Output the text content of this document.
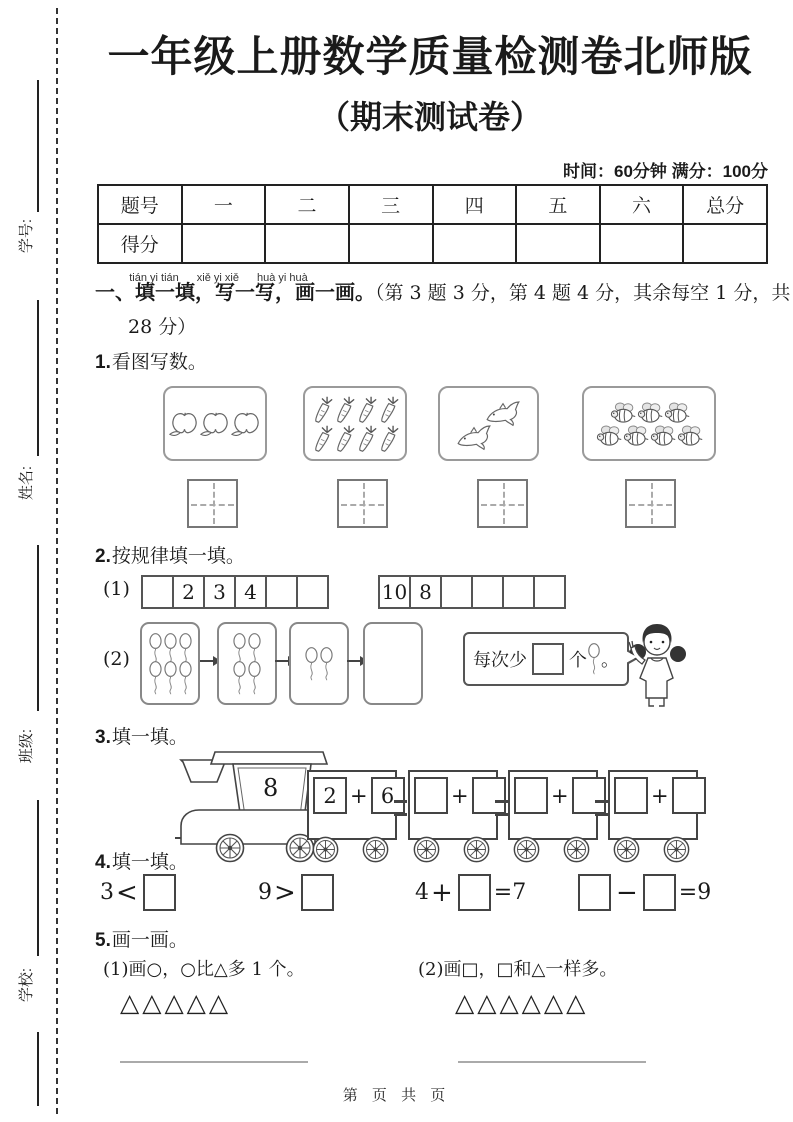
学号:
姓名:
班级:
学校:
一年级上册数学质量检测卷北师版
（期末测试卷）
时间：60分钟 满分：100分
题号	一	二	三	四	五	六	总分
得分							

tián yi tián xiě yi xiě huà yi huà

一、填一填，写一写，画一画。（第 3 题 3 分，第 4 题 4 分，其余每空 1 分，共
28 分）
1.看图写数。
2.按规律填一填。
(1)	2 3 4	10 8
(2)	每次少 个 。
3.填一填。
8	2 + 6	+	+	+
4.填一填。
3 <	9 >	4 + =7	− =9
5.画一画。
(1)画○，○比△多 1 个。	(2)画□，□和△一样多。
△△△△△	△△△△△△
第 页 共 页
